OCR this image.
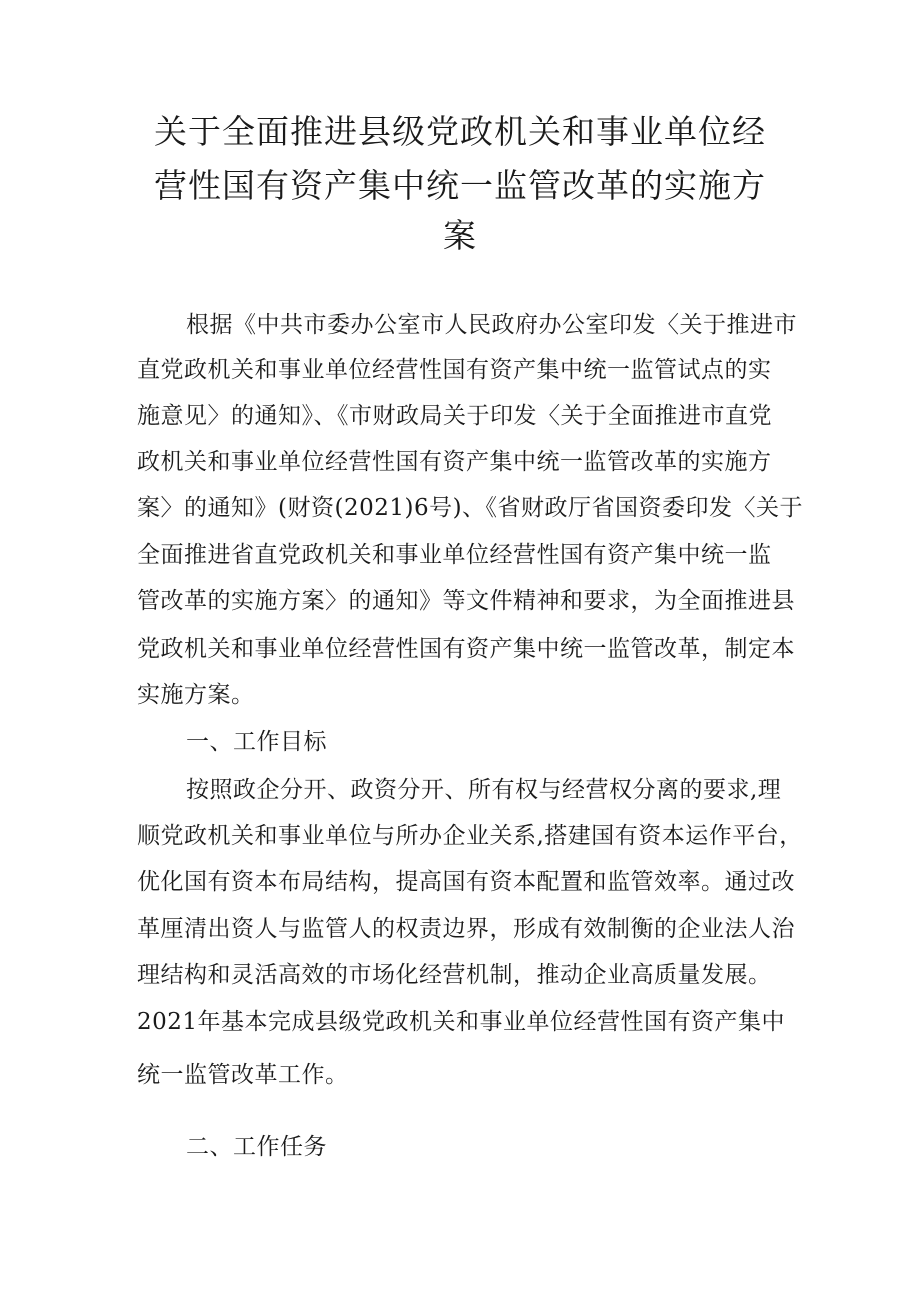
关于全面推进县级党政机关和事业单位经
营性国有资产集中统一监管改革的实施方
案

根据《中共市委办公室市人民政府办公室印发〈关于推进市

直党政机关和事业单位经营性国有资产集中统一监管试点的实

施意见〉的通知》、《市财政局关于印发〈关于全面推进市直党

政机关和事业单位经营性国有资产集中统一监管改革的实施方

案〉的通知》(财资(2021)6号)、《省财政厅省国资委印发〈关于

全面推进省直党政机关和事业单位经营性国有资产集中统一监

管改革的实施方案〉的通知》等文件精神和要求，为全面推进县

党政机关和事业单位经营性国有资产集中统一监管改革，制定本

实施方案。

一、工作目标

按照政企分开、政资分开、所有权与经营权分离的要求,理

顺党政机关和事业单位与所办企业关系,搭建国有资本运作平台，

优化国有资本布局结构，提高国有资本配置和监管效率。通过改

革厘清出资人与监管人的权责边界，形成有效制衡的企业法人治

理结构和灵活高效的市场化经营机制，推动企业高质量发展。

2021年基本完成县级党政机关和事业单位经营性国有资产集中

统一监管改革工作。

二、工作任务
